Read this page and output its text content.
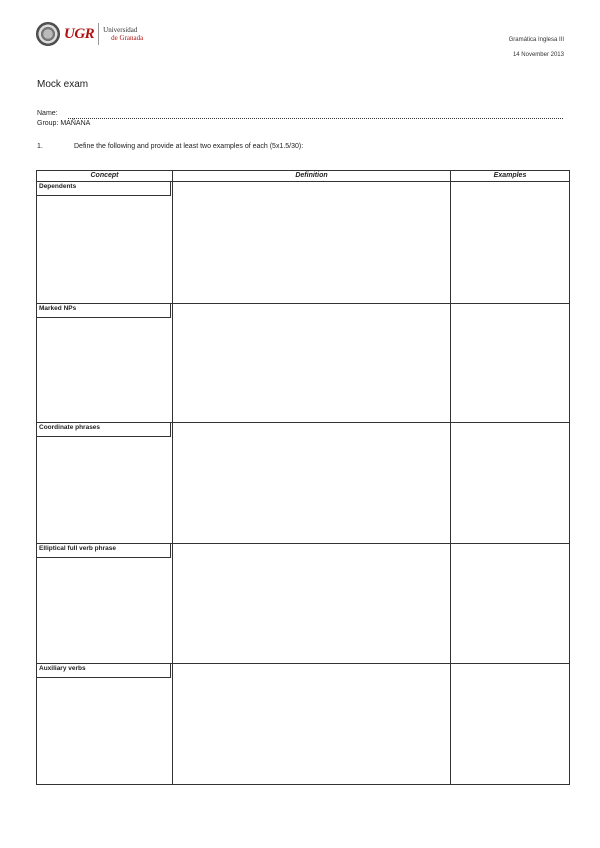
UGR Universidad
de Granada	Gramática Inglesa III
14 November 2013
Mock exam
Name:
Group: MAÑANA
1.	Define the following and provide at least two examples of each (5x1.5/30):
Concept	Definition	Examples

Dependents		

Marked NPs		

Coordinate phrases		

Elliptical full verb phrase		

Auxiliary verbs		
